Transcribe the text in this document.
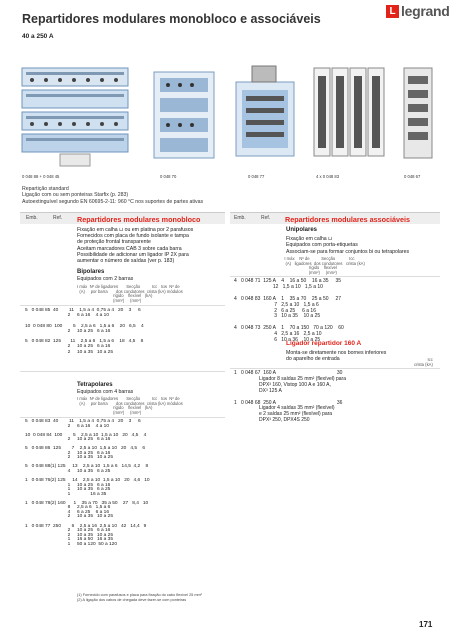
L legrand
Repartidores modulares monobloco e associáveis
40 a 250 A
0 048 88 + 0 048 45	0 048 70	0 048 77	4 x 0 048 83	0 048 67
Repartição standard
Ligação com ou sem ponteiras Starfix (p. 283)
Autoextinguível segundo EN 60695-2-11: 960 °C nos suportes de partes ativas
Emb.	Ref. Repartidores modulares monobloco	Emb.	Ref. Repartidores modulares associáveis
Fixação em calha ⊔ ou em platina por 2 parafusos
Fornecidos com placa de fundo isolante e tampa
de proteção frontal transparente
Aceitam marcadores CAB 3 sobre cada barra
Possibilidade de adicionar um ligador IP 2X para
aumentar o número de saídas (ver p. 183)
Bipolares
Equipados com 2 barras
I máx  Nº de ligadores       Secção          Icc   Icw  Nº de
(A)     por barra       dos condutores  crista (kA) módulos
rígido    flexível   (kA)
(mm²)     (mm²)
5   0 048 85  40        11    1,5 a 4  0,75 a 4   20    3     6
2     6 a 16    4 a 10

10  0 048 80  100        5    2,5 a 6   1,5 a 6    20   6,5    4
2     10 a 25   6 a 16

5   0 048 82  125       11    2,5 a 6   1,5 a 6    18   4,5    8
2     10 a 25   6 a 16
2     10 a 35   10 a 25
Tetrapolares
Equipados com 4 barras
I máx  Nº de ligadores       Secção          Icc   Icw  Nº de
(A)     por barra       dos condutores  crista (kA) módulos
rígido    flexível   (kA)
(mm²)     (mm²)
5   0 048 83  40        11    1,5 a 4  0,75 a 4   20    3     6
2     6 a 16    4 a 10

10  0 048 84  100        5    2,5 a 10  1,5 a 10   20   4,5    4
2     10 a 25   6 a 16

5   0 048 86  125        7    2,5 a 10  1,5 a 10   20   4,5    6
2     10 a 25   6 a 16
2     10 a 35   10 a 25

5   0 048 88(1) 125     13    2,5 a 10  1,5 a 6   14,5  4,2    8
4     10 a 35   6 a 25

1   0 048 76(2) 125     14    2,5 a 10  1,5 a 10   20   4,6   10
1     10 a 25   6 a 16
1     10 a 35   6 a 25
1               16 a 35

1   0 048 78(2) 160      1    35 a 70   35 a 50    27   8,4   10
8     2,5 a 6   1,5 a 6
4     6 a 25    6 a 16
2     10 a 35   10 a 25

1   0 048 77  250        6    2,5 a 16  2,5 a 10   42   14,4   9
2     10 a 25   6 a 16
2     10 a 35   10 a 25
1     16 a 50   16 a 35
1     50 a 120  50 a 120
(1) Fornecido com parafusos e placa para fixação do cabo flexível 25 mm²
(2) A ligação dos cabos de chegada deve fazer-se com ponteiras
Unipolares
Fixação em calha ⊔
Equipados com porta-etiquetas
Associam-se para formar conjuntos bi ou tetrapolares
I máx    Nº de          Secção            Icc
(A)   ligadores  dos condutores   crista (kA)
rígido    flexível
(mm²)     (mm²)
4   0 048 71  125 A    4    16 a 50    16 a 35     35
12   1,5 a 10   1,5 a 10

4   0 048 83  160 A    1    35 a 70    25 a 50     27
7   2,5 a 10   1,5 a 6
2   6 a 25     6 a 16
3   10 a 35    10 a 25

4   0 048 73  250 A    1    70 a 150   70 a 120    60
4   2,5 a 16   2,5 a 10
6   10 a 36    10 a 25
Ligador repartidor 160 A
Monta-se diretamente nos bornes inferiores
do aparelho de entrada	Icc
crista (kA)
1   0 048 67  160 A                                            30
Ligador 8 saídas 25 mm² (flexível) para
DPX³ 160, Vistop 100 A e 160 A,
DX³ 125 A

1   0 048 68  250 A                                            36
Ligador 4 saídas 35 mm² (flexível)
e 2 saídas 25 mm² (flexível) para
DPX³ 250, DPX4S 250
171
